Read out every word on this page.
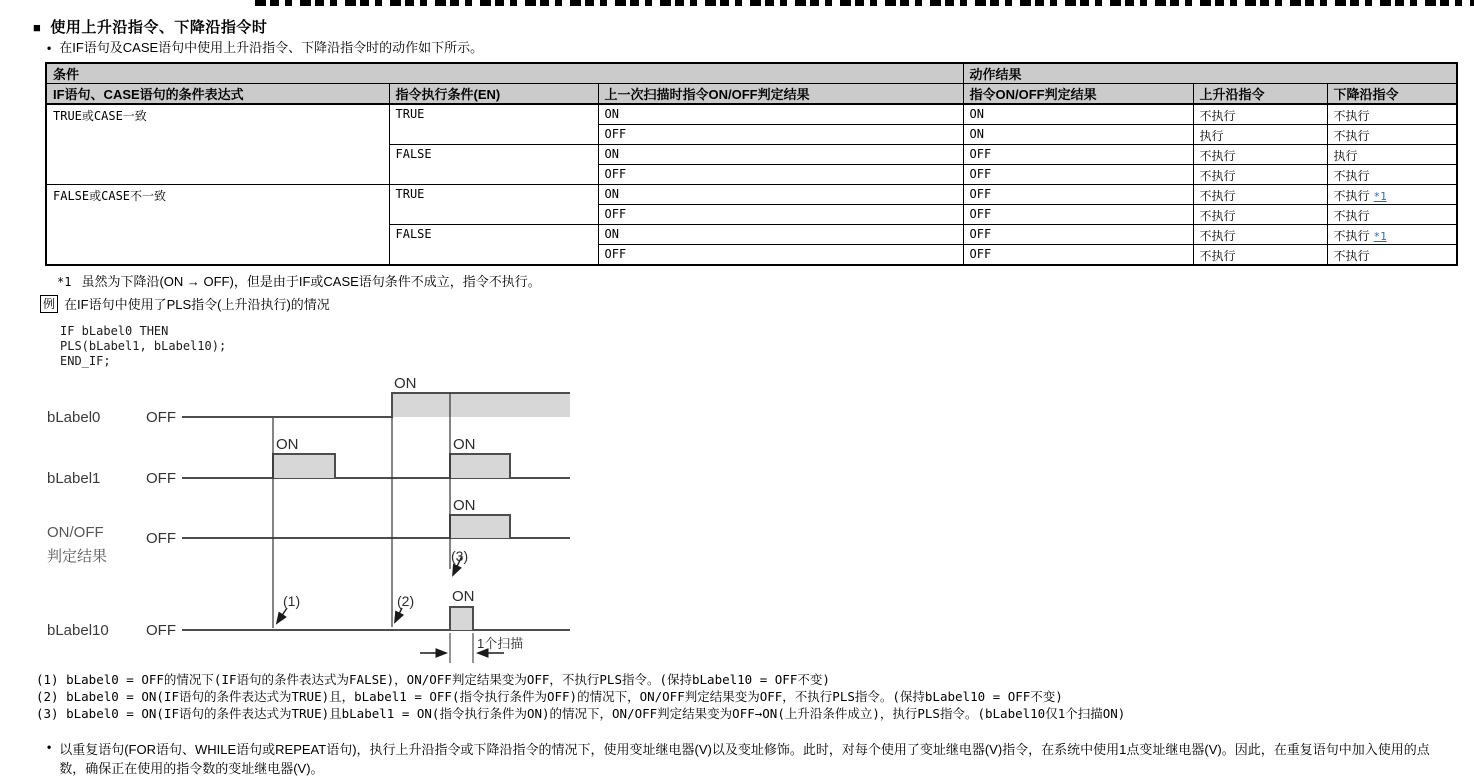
■ 使用上升沿指令、下降沿指令时
• 在IF语句及CASE语句中使用上升沿指令、下降沿指令时的动作如下所示。
条件			动作结果		
IF语句、CASE语句的条件表达式	指令执行条件(EN)	上一次扫描时指令ON/OFF判定结果	指令ON/OFF判定结果	上升沿指令	下降沿指令
TRUE或CASE一致	TRUE	ON	ON	不执行	不执行
		OFF	ON	执行	不执行
	FALSE	ON	OFF	不执行	执行
		OFF	OFF	不执行	不执行
FALSE或CASE不一致	TRUE	ON	OFF	不执行	不执行 *1
		OFF	OFF	不执行	不执行
	FALSE	ON	OFF	不执行	不执行 *1
		OFF	OFF	不执行	不执行
*1 虽然为下降沿(ON → OFF)，但是由于IF或CASE语句条件不成立，指令不执行。
例 在IF语句中使用了PLS指令(上升沿执行)的情况
IF bLabel0 THEN
PLS(bLabel1, bLabel10);
END_IF;
bLabel0	OFF
ON
bLabel1	OFF
ON	ON
ON/OFF
判定结果
OFF
ON
bLabel10 OFF
ON
(1)	(2)
(3)
1个扫描
(1) bLabel0 = OFF的情况下(IF语句的条件表达式为FALSE)，ON/OFF判定结果变为OFF，不执行PLS指令。(保持bLabel10 = OFF不变)
(2) bLabel0 = ON(IF语句的条件表达式为TRUE)且，bLabel1 = OFF(指令执行条件为OFF)的情况下，ON/OFF判定结果变为OFF，不执行PLS指令。(保持bLabel10 = OFF不变)
(3) bLabel0 = ON(IF语句的条件表达式为TRUE)且bLabel1 = ON(指令执行条件为ON)的情况下，ON/OFF判定结果变为OFF→ON(上升沿条件成立)，执行PLS指令。(bLabel10仅1个扫描ON)
• 以重复语句(FOR语句、WHILE语句或REPEAT语句)，执行上升沿指令或下降沿指令的情况下，使用变址继电器(V)以及变址修饰。此时，对每个使用了变址继电器(V)指令，在系统中使用1点变址继电器(V)。因此，在重复语句中加入使用的点数，确保正在使用的指令数的变址继电器(V)。
